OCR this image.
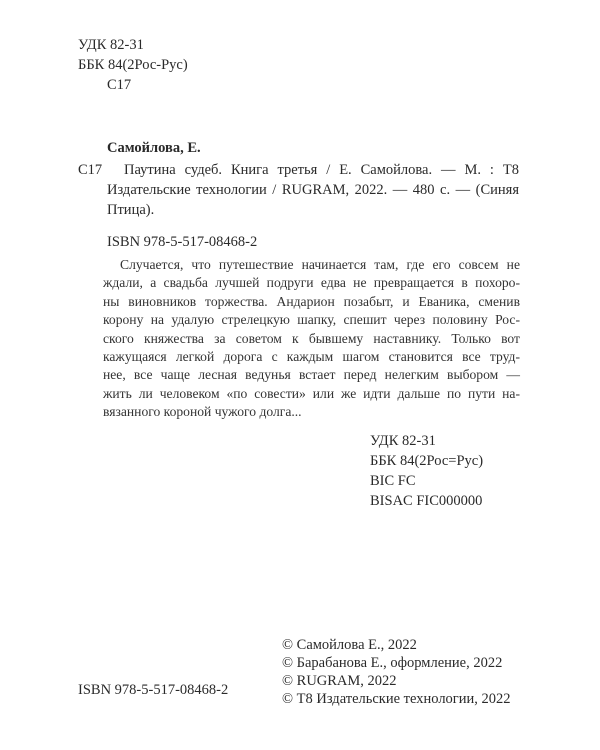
УДК 82-31
ББК 84(2Рос-Рус)
С17
Самойлова, Е.
С17	Паутина судеб. Книга третья / Е. Самойлова. — М. : Т8
Издательские технологии / RUGRAM, 2022. — 480 с. — (Синяя
Птица).
ISBN 978-5-517-08468-2
Случается, что путешествие начинается там, где его совсем не
ждали, а свадьба лучшей подруги едва не превращается в похоро-
ны виновников торжества. Андарион позабыт, и Еваника, сменив
корону на удалую стрелецкую шапку, спешит через половину Рос-
ского княжества за советом к бывшему наставнику. Только вот
кажущаяся легкой дорога с каждым шагом становится все труд-
нее, все чаще лесная ведунья встает перед нелегким выбором —
жить ли человеком «по совести» или же идти дальше по пути на-
вязанного короной чужого долга...
УДК 82-31
ББК 84(2Рос=Рус)
BIC FC
BISAC FIC000000
© Самойлова Е., 2022
© Барабанова Е., оформление, 2022
© RUGRAM, 2022
© Т8 Издательские технологии, 2022
ISBN 978-5-517-08468-2
